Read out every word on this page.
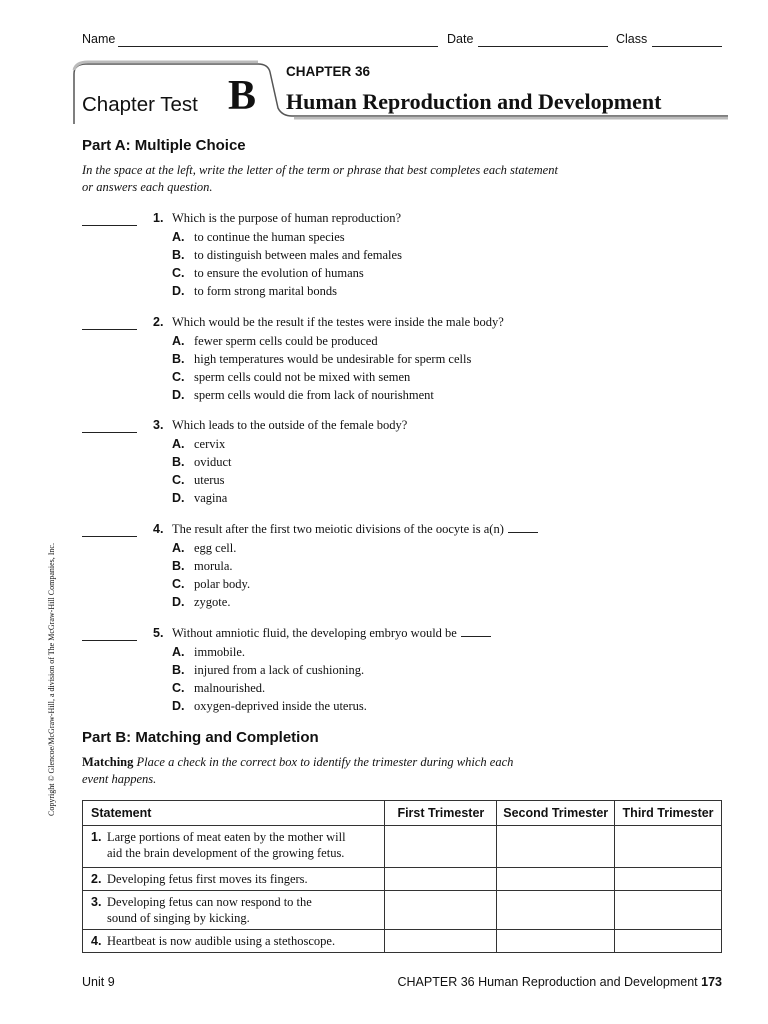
Name	Date	Class
CHAPTER 36
Chapter Test B Human Reproduction and Development
Part A: Multiple Choice
In the space at the left, write the letter of the term or phrase that best completes each statement
or answers each question.
1. Which is the purpose of human reproduction?
A. to continue the human species
B. to distinguish between males and females
C. to ensure the evolution of humans
D. to form strong marital bonds
2. Which would be the result if the testes were inside the male body?
A. fewer sperm cells could be produced
B. high temperatures would be undesirable for sperm cells
C. sperm cells could not be mixed with semen
D. sperm cells would die from lack of nourishment
3. Which leads to the outside of the female body?
A. cervix
B. oviduct
C. uterus
D. vagina
4. The result after the first two meiotic divisions of the oocyte is a(n)
A. egg cell.
B. morula.
C. polar body.
D. zygote.
5. Without amniotic fluid, the developing embryo would be
A. immobile.
B. injured from a lack of cushioning.
C. malnourished.
D. oxygen-deprived inside the uterus.
Part B: Matching and Completion
Matching Place a check in the correct box to identify the trimester during which each
event happens.
Statement	First Trimester	Second Trimester	Third Trimester

1. Large portions of meat eaten by the mother will
aid the brain development of the growing fetus.			

2. Developing fetus first moves its fingers.			

3. Developing fetus can now respond to the
sound of singing by kicking.			

4. Heartbeat is now audible using a stethoscope.			

Unit 9	CHAPTER 36 Human Reproduction and Development 173
Copyright © Glencoe/McGraw-Hill, a division of The McGraw-Hill Companies, Inc.
